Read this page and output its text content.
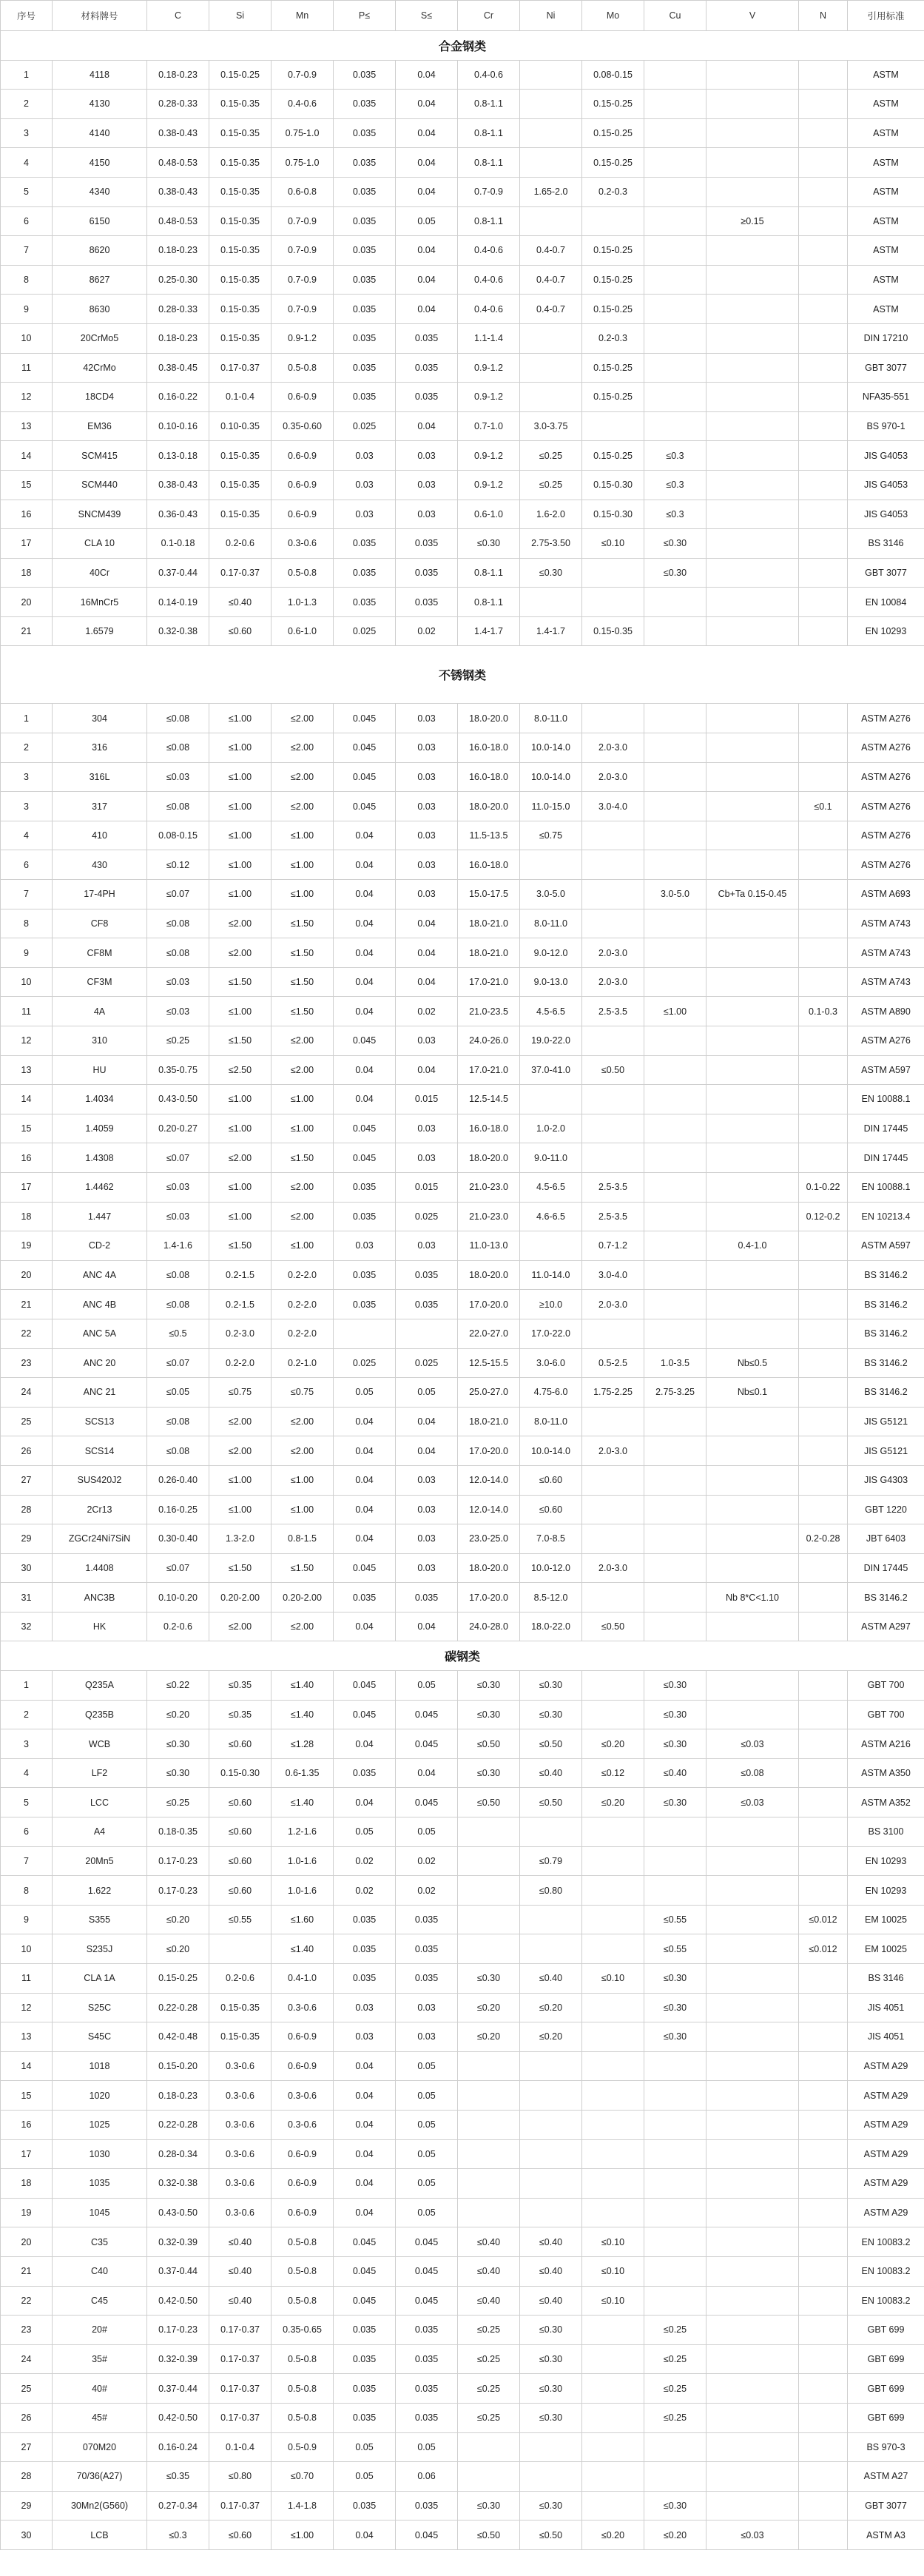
序号	材料牌号	C	Si	Mn	P≤	S≤	Cr	Ni	Mo	Cu	V	N	引用标准
合金钢类													
1	4118	0.18-0.23	0.15-0.25	0.7-0.9	0.035	0.04	0.4-0.6		0.08-0.15				ASTM
2	4130	0.28-0.33	0.15-0.35	0.4-0.6	0.035	0.04	0.8-1.1		0.15-0.25				ASTM
3	4140	0.38-0.43	0.15-0.35	0.75-1.0	0.035	0.04	0.8-1.1		0.15-0.25				ASTM
4	4150	0.48-0.53	0.15-0.35	0.75-1.0	0.035	0.04	0.8-1.1		0.15-0.25				ASTM
5	4340	0.38-0.43	0.15-0.35	0.6-0.8	0.035	0.04	0.7-0.9	1.65-2.0	0.2-0.3				ASTM
6	6150	0.48-0.53	0.15-0.35	0.7-0.9	0.035	0.05	0.8-1.1				≥0.15		ASTM
7	8620	0.18-0.23	0.15-0.35	0.7-0.9	0.035	0.04	0.4-0.6	0.4-0.7	0.15-0.25				ASTM
8	8627	0.25-0.30	0.15-0.35	0.7-0.9	0.035	0.04	0.4-0.6	0.4-0.7	0.15-0.25				ASTM
9	8630	0.28-0.33	0.15-0.35	0.7-0.9	0.035	0.04	0.4-0.6	0.4-0.7	0.15-0.25				ASTM
10	20CrMo5	0.18-0.23	0.15-0.35	0.9-1.2	0.035	0.035	1.1-1.4		0.2-0.3				DIN 17210
11	42CrMo	0.38-0.45	0.17-0.37	0.5-0.8	0.035	0.035	0.9-1.2		0.15-0.25				GBT 3077
12	18CD4	0.16-0.22	0.1-0.4	0.6-0.9	0.035	0.035	0.9-1.2		0.15-0.25				NFA35-551
13	EM36	0.10-0.16	0.10-0.35	0.35-0.60	0.025	0.04	0.7-1.0	3.0-3.75					BS 970-1
14	SCM415	0.13-0.18	0.15-0.35	0.6-0.9	0.03	0.03	0.9-1.2	≤0.25	0.15-0.25	≤0.3			JIS G4053
15	SCM440	0.38-0.43	0.15-0.35	0.6-0.9	0.03	0.03	0.9-1.2	≤0.25	0.15-0.30	≤0.3			JIS G4053
16	SNCM439	0.36-0.43	0.15-0.35	0.6-0.9	0.03	0.03	0.6-1.0	1.6-2.0	0.15-0.30	≤0.3			JIS G4053
17	CLA 10	0.1-0.18	0.2-0.6	0.3-0.6	0.035	0.035	≤0.30	2.75-3.50	≤0.10	≤0.30			BS 3146
18	40Cr	0.37-0.44	0.17-0.37	0.5-0.8	0.035	0.035	0.8-1.1	≤0.30		≤0.30			GBT 3077
20	16MnCr5	0.14-0.19	≤0.40	1.0-1.3	0.035	0.035	0.8-1.1						EN 10084
21	1.6579	0.32-0.38	≤0.60	0.6-1.0	0.025	0.02	1.4-1.7	1.4-1.7	0.15-0.35				EN 10293
不锈钢类													
1	304	≤0.08	≤1.00	≤2.00	0.045	0.03	18.0-20.0	8.0-11.0					ASTM A276
2	316	≤0.08	≤1.00	≤2.00	0.045	0.03	16.0-18.0	10.0-14.0	2.0-3.0				ASTM A276
3	316L	≤0.03	≤1.00	≤2.00	0.045	0.03	16.0-18.0	10.0-14.0	2.0-3.0				ASTM A276
3	317	≤0.08	≤1.00	≤2.00	0.045	0.03	18.0-20.0	11.0-15.0	3.0-4.0			≤0.1	ASTM A276
4	410	0.08-0.15	≤1.00	≤1.00	0.04	0.03	11.5-13.5	≤0.75					ASTM A276
6	430	≤0.12	≤1.00	≤1.00	0.04	0.03	16.0-18.0						ASTM A276
7	17-4PH	≤0.07	≤1.00	≤1.00	0.04	0.03	15.0-17.5	3.0-5.0		3.0-5.0	Cb+Ta 0.15-0.45		ASTM A693
8	CF8	≤0.08	≤2.00	≤1.50	0.04	0.04	18.0-21.0	8.0-11.0					ASTM A743
9	CF8M	≤0.08	≤2.00	≤1.50	0.04	0.04	18.0-21.0	9.0-12.0	2.0-3.0				ASTM A743
10	CF3M	≤0.03	≤1.50	≤1.50	0.04	0.04	17.0-21.0	9.0-13.0	2.0-3.0				ASTM A743
11	4A	≤0.03	≤1.00	≤1.50	0.04	0.02	21.0-23.5	4.5-6.5	2.5-3.5	≤1.00		0.1-0.3	ASTM A890
12	310	≤0.25	≤1.50	≤2.00	0.045	0.03	24.0-26.0	19.0-22.0					ASTM A276
13	HU	0.35-0.75	≤2.50	≤2.00	0.04	0.04	17.0-21.0	37.0-41.0	≤0.50				ASTM A597
14	1.4034	0.43-0.50	≤1.00	≤1.00	0.04	0.015	12.5-14.5						EN 10088.1
15	1.4059	0.20-0.27	≤1.00	≤1.00	0.045	0.03	16.0-18.0	1.0-2.0					DIN 17445
16	1.4308	≤0.07	≤2.00	≤1.50	0.045	0.03	18.0-20.0	9.0-11.0					DIN 17445
17	1.4462	≤0.03	≤1.00	≤2.00	0.035	0.015	21.0-23.0	4.5-6.5	2.5-3.5			0.1-0.22	EN 10088.1
18	1.447	≤0.03	≤1.00	≤2.00	0.035	0.025	21.0-23.0	4.6-6.5	2.5-3.5			0.12-0.2	EN 10213.4
19	CD-2	1.4-1.6	≤1.50	≤1.00	0.03	0.03	11.0-13.0		0.7-1.2		0.4-1.0		ASTM A597
20	ANC 4A	≤0.08	0.2-1.5	0.2-2.0	0.035	0.035	18.0-20.0	11.0-14.0	3.0-4.0				BS 3146.2
21	ANC 4B	≤0.08	0.2-1.5	0.2-2.0	0.035	0.035	17.0-20.0	≥10.0	2.0-3.0				BS 3146.2
22	ANC 5A	≤0.5	0.2-3.0	0.2-2.0			22.0-27.0	17.0-22.0					BS 3146.2
23	ANC 20	≤0.07	0.2-2.0	0.2-1.0	0.025	0.025	12.5-15.5	3.0-6.0	0.5-2.5	1.0-3.5	Nb≤0.5		BS 3146.2
24	ANC 21	≤0.05	≤0.75	≤0.75	0.05	0.05	25.0-27.0	4.75-6.0	1.75-2.25	2.75-3.25	Nb≤0.1		BS 3146.2
25	SCS13	≤0.08	≤2.00	≤2.00	0.04	0.04	18.0-21.0	8.0-11.0					JIS G5121
26	SCS14	≤0.08	≤2.00	≤2.00	0.04	0.04	17.0-20.0	10.0-14.0	2.0-3.0				JIS G5121
27	SUS420J2	0.26-0.40	≤1.00	≤1.00	0.04	0.03	12.0-14.0	≤0.60					JIS G4303
28	2Cr13	0.16-0.25	≤1.00	≤1.00	0.04	0.03	12.0-14.0	≤0.60					GBT 1220
29	ZGCr24Ni7SiN	0.30-0.40	1.3-2.0	0.8-1.5	0.04	0.03	23.0-25.0	7.0-8.5				0.2-0.28	JBT 6403
30	1.4408	≤0.07	≤1.50	≤1.50	0.045	0.03	18.0-20.0	10.0-12.0	2.0-3.0				DIN 17445
31	ANC3B	0.10-0.20	0.20-2.00	0.20-2.00	0.035	0.035	17.0-20.0	8.5-12.0			Nb 8*C<1.10		BS 3146.2
32	HK	0.2-0.6	≤2.00	≤2.00	0.04	0.04	24.0-28.0	18.0-22.0	≤0.50				ASTM A297
碳钢类													
1	Q235A	≤0.22	≤0.35	≤1.40	0.045	0.05	≤0.30	≤0.30		≤0.30			GBT 700
2	Q235B	≤0.20	≤0.35	≤1.40	0.045	0.045	≤0.30	≤0.30		≤0.30			GBT 700
3	WCB	≤0.30	≤0.60	≤1.28	0.04	0.045	≤0.50	≤0.50	≤0.20	≤0.30	≤0.03		ASTM A216
4	LF2	≤0.30	0.15-0.30	0.6-1.35	0.035	0.04	≤0.30	≤0.40	≤0.12	≤0.40	≤0.08		ASTM A350
5	LCC	≤0.25	≤0.60	≤1.40	0.04	0.045	≤0.50	≤0.50	≤0.20	≤0.30	≤0.03		ASTM A352
6	A4	0.18-0.35	≤0.60	1.2-1.6	0.05	0.05							BS 3100
7	20Mn5	0.17-0.23	≤0.60	1.0-1.6	0.02	0.02		≤0.79					EN 10293
8	1.622	0.17-0.23	≤0.60	1.0-1.6	0.02	0.02		≤0.80					EN 10293
9	S355	≤0.20	≤0.55	≤1.60	0.035	0.035				≤0.55		≤0.012	EM 10025
10	S235J	≤0.20		≤1.40	0.035	0.035				≤0.55		≤0.012	EM 10025
11	CLA 1A	0.15-0.25	0.2-0.6	0.4-1.0	0.035	0.035	≤0.30	≤0.40	≤0.10	≤0.30			BS 3146
12	S25C	0.22-0.28	0.15-0.35	0.3-0.6	0.03	0.03	≤0.20	≤0.20		≤0.30			JIS 4051
13	S45C	0.42-0.48	0.15-0.35	0.6-0.9	0.03	0.03	≤0.20	≤0.20		≤0.30			JIS 4051
14	1018	0.15-0.20	0.3-0.6	0.6-0.9	0.04	0.05							ASTM A29
15	1020	0.18-0.23	0.3-0.6	0.3-0.6	0.04	0.05							ASTM A29
16	1025	0.22-0.28	0.3-0.6	0.3-0.6	0.04	0.05							ASTM A29
17	1030	0.28-0.34	0.3-0.6	0.6-0.9	0.04	0.05							ASTM A29
18	1035	0.32-0.38	0.3-0.6	0.6-0.9	0.04	0.05							ASTM A29
19	1045	0.43-0.50	0.3-0.6	0.6-0.9	0.04	0.05							ASTM A29
20	C35	0.32-0.39	≤0.40	0.5-0.8	0.045	0.045	≤0.40	≤0.40	≤0.10				EN 10083.2
21	C40	0.37-0.44	≤0.40	0.5-0.8	0.045	0.045	≤0.40	≤0.40	≤0.10				EN 10083.2
22	C45	0.42-0.50	≤0.40	0.5-0.8	0.045	0.045	≤0.40	≤0.40	≤0.10				EN 10083.2
23	20#	0.17-0.23	0.17-0.37	0.35-0.65	0.035	0.035	≤0.25	≤0.30		≤0.25			GBT 699
24	35#	0.32-0.39	0.17-0.37	0.5-0.8	0.035	0.035	≤0.25	≤0.30		≤0.25			GBT 699
25	40#	0.37-0.44	0.17-0.37	0.5-0.8	0.035	0.035	≤0.25	≤0.30		≤0.25			GBT 699
26	45#	0.42-0.50	0.17-0.37	0.5-0.8	0.035	0.035	≤0.25	≤0.30		≤0.25			GBT 699
27	070M20	0.16-0.24	0.1-0.4	0.5-0.9	0.05	0.05							BS 970-3
28	70/36(A27)	≤0.35	≤0.80	≤0.70	0.05	0.06							ASTM A27
29	30Mn2(G560)	0.27-0.34	0.17-0.37	1.4-1.8	0.035	0.035	≤0.30	≤0.30		≤0.30			GBT 3077
30	LCB	≤0.3	≤0.60	≤1.00	0.04	0.045	≤0.50	≤0.50	≤0.20	≤0.20	≤0.03		ASTM A3
